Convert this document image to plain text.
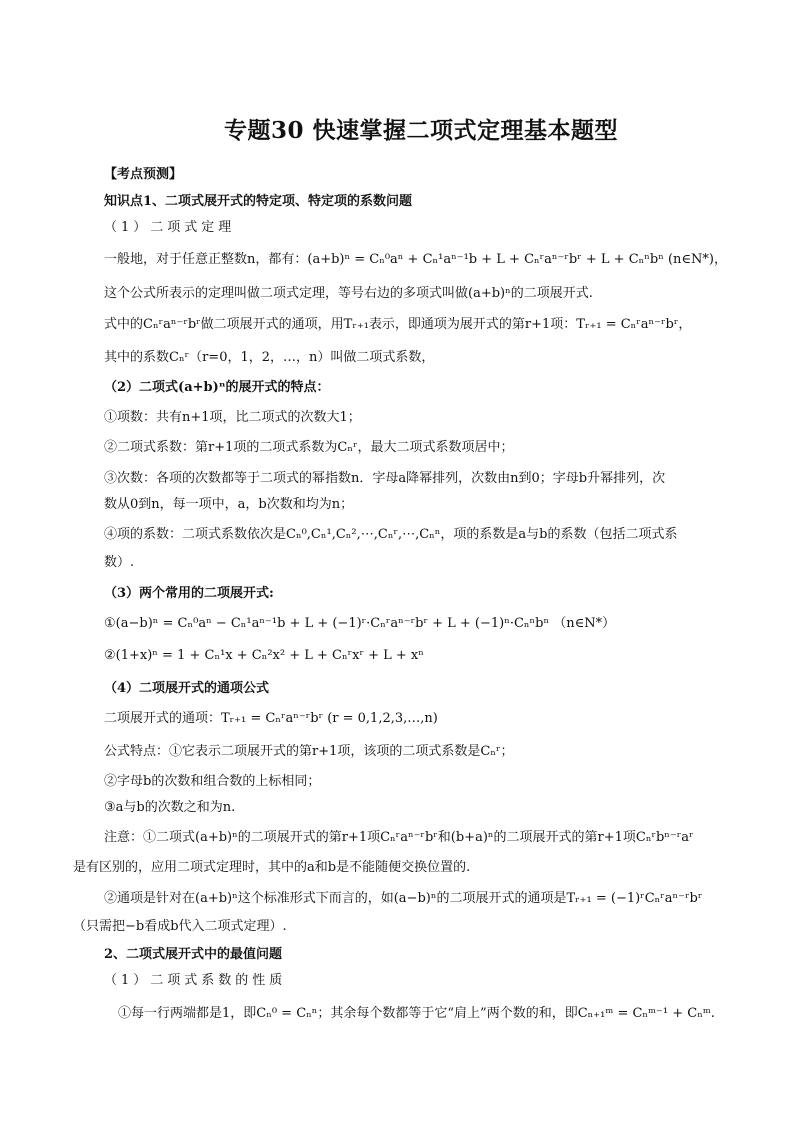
专题30 快速掌握二项式定理基本题型
【考点预测】
知识点1、二项式展开式的特定项、特定项的系数问题
（1）二项式定理
一般地，对于任意正整数n，都有：(a+b)ⁿ = Cₙ⁰aⁿ + Cₙ¹aⁿ⁻¹b + L + Cₙʳaⁿ⁻ʳbʳ + L + Cₙⁿbⁿ (n∈N*)，
这个公式所表示的定理叫做二项式定理，等号右边的多项式叫做(a+b)ⁿ的二项展开式.
式中的Cₙʳaⁿ⁻ʳbʳ做二项展开式的通项，用Tᵣ₊₁表示，即通项为展开式的第r+1项：Tᵣ₊₁ = Cₙʳaⁿ⁻ʳbʳ，
其中的系数Cₙʳ（r=0，1，2，…，n）叫做二项式系数，
（2）二项式(a+b)ⁿ的展开式的特点：
①项数：共有n+1项，比二项式的次数大1；
②二项式系数：第r+1项的二项式系数为Cₙʳ，最大二项式系数项居中；
③次数：各项的次数都等于二项式的幂指数n．字母a降幂排列，次数由n到0；字母b升幂排列，次
数从0到n，每一项中，a，b次数和均为n；
④项的系数：二项式系数依次是Cₙ⁰,Cₙ¹,Cₙ²,⋯,Cₙʳ,⋯,Cₙⁿ，项的系数是a与b的系数（包括二项式系
数）.
（3）两个常用的二项展开式:
①(a−b)ⁿ = Cₙ⁰aⁿ − Cₙ¹aⁿ⁻¹b + L + (−1)ʳ·Cₙʳaⁿ⁻ʳbʳ + L + (−1)ⁿ·Cₙⁿbⁿ （n∈N*）
②(1+x)ⁿ = 1 + Cₙ¹x + Cₙ²x² + L + Cₙʳxʳ + L + xⁿ
（4）二项展开式的通项公式
二项展开式的通项：Tᵣ₊₁ = Cₙʳaⁿ⁻ʳbʳ (r = 0,1,2,3,…,n)
公式特点：①它表示二项展开式的第r+1项，该项的二项式系数是Cₙʳ；
②字母b的次数和组合数的上标相同；
③a与b的次数之和为n.
注意：①二项式(a+b)ⁿ的二项展开式的第r+1项Cₙʳaⁿ⁻ʳbʳ和(b+a)ⁿ的二项展开式的第r+1项Cₙʳbⁿ⁻ʳaʳ
是有区别的，应用二项式定理时，其中的a和b是不能随便交换位置的.
②通项是针对在(a+b)ⁿ这个标准形式下而言的，如(a−b)ⁿ的二项展开式的通项是Tᵣ₊₁ = (−1)ʳCₙʳaⁿ⁻ʳbʳ
（只需把−b看成b代入二项式定理）.
2、二项式展开式中的最值问题
（1）二项式系数的性质
①每一行两端都是1，即Cₙ⁰ = Cₙⁿ；其余每个数都等于它“肩上”两个数的和，即Cₙ₊₁ᵐ = Cₙᵐ⁻¹ + Cₙᵐ.
